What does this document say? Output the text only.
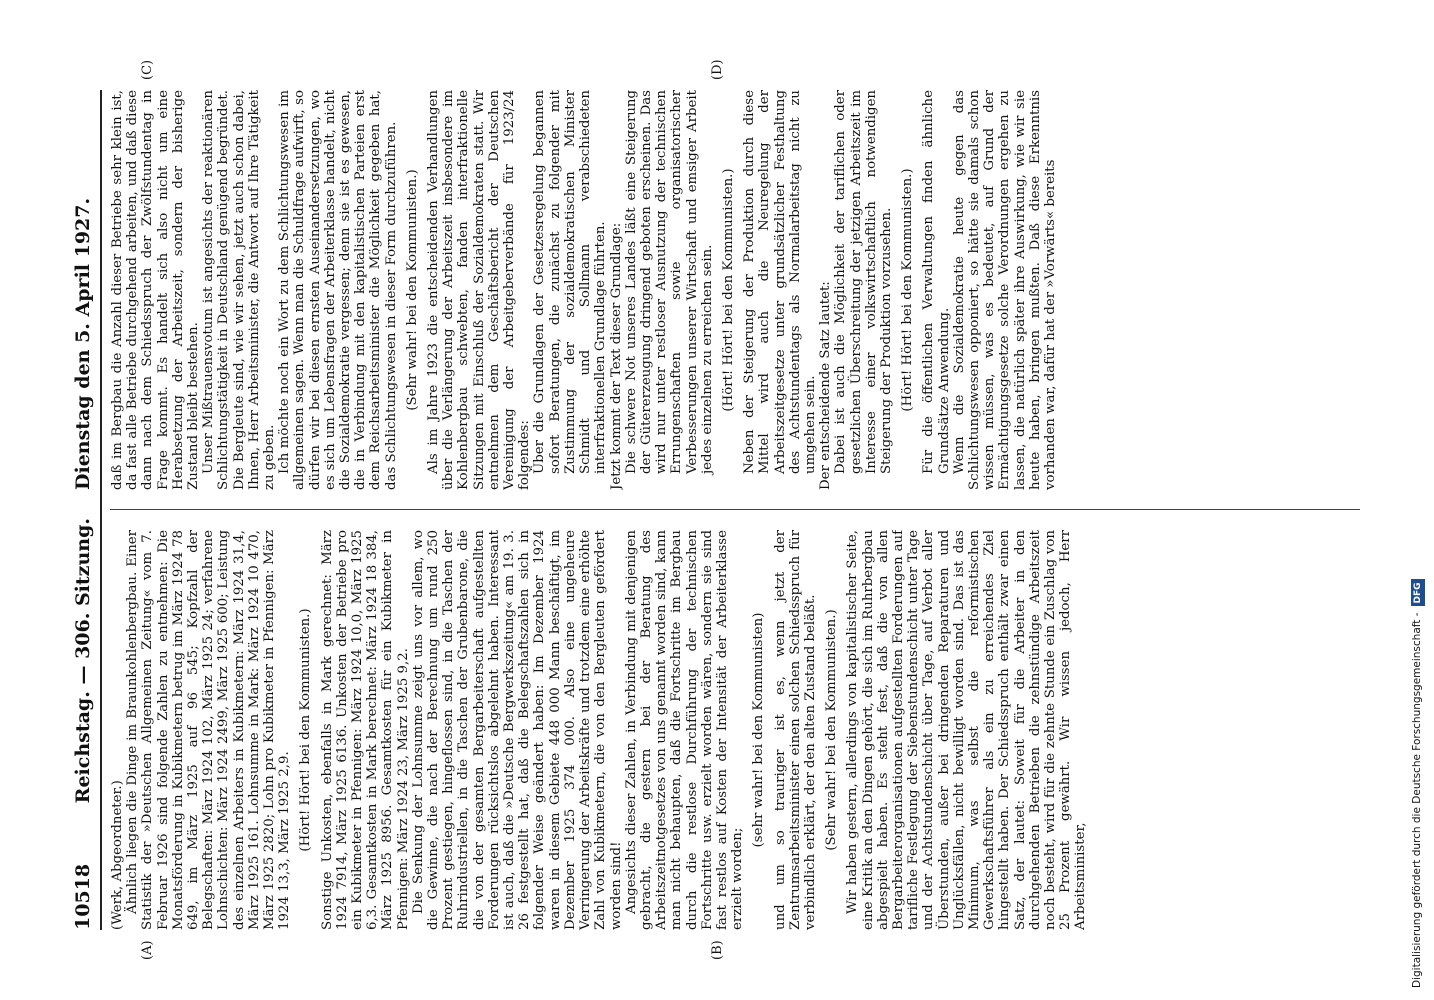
10518
Reichstag. — 306. Sitzung.
Dienstag den 5. April 1927.

(Werk, Abgeordneter.) Ähnlich liegen die Dinge im Braunkohlenbergbau. Einer Statistik der »Deutschen Allgemeinen Zeitung« vom 7. Februar 1926 sind folgende Zahlen zu entnehmen: Die Monatsförderung in Kubikmetern betrug im März 1924 78 649, im März 1925 auf 96 545; Kopfzahl der Belegschaften: März 1924 102, März 1925 24; verfahrene Lohnschichten: März 1924 2499, März 1925 600; Leistung des einzelnen Arbeiters in Kubikmetern: März 1924 31,4, März 1925 161. Lohnsumme in Mark: März 1924 10 470, März 1925 2820; Lohn pro Kubikmeter in Pfennigen: März 1924 13,3, März 1925 2,9. (Hört! Hört! bei den Kommunisten.) Sonstige Unkosten, ebenfalls in Mark gerechnet: März 1924 7914, März 1925 6136. Unkosten der Betriebe pro ein Kubikmeter in Pfennigen: März 1924 10,0, März 1925 6,3. Gesamtkosten in Mark berechnet: März 1924 18 384, März 1925 8956. Gesamtkosten für ein Kubikmeter in Pfennigen: März 1924 23, März 1925 9,2. Die Senkung der Lohnsumme zeigt uns vor allem, wo die Gewinne, die nach der Berechnung um rund 250 Prozent gestiegen, hingeflossen sind, in die Taschen der Ruhrindustriellen, in die Taschen der Grubenbarone, die die von der gesamten Bergarbeiterschaft aufgestellten Forderungen rücksichtslos abgelehnt haben. Interessant ist auch, daß die »Deutsche Bergwerkszeitung« am 19. 3. 26 festgestellt hat, daß die Belegschaftszahlen sich in folgender Weise geändert haben: Im Dezember 1924 waren in diesem Gebiete 448 000 Mann beschäftigt, im Dezember 1925 374 000. Also eine ungeheure Verringerung der Arbeitskräfte und trotzdem eine erhöhte Zahl von Kubikmetern, die von den Bergleuten gefördert worden sind! Angesichts dieser Zahlen, in Verbindung mit denjenigen gebracht, die gestern bei der Beratung des Arbeitszeitnotgesetzes von uns genannt worden sind, kann man nicht behaupten, daß die Fortschritte im Bergbau durch die restlose Durchführung der technischen Fortschritte usw. erzielt worden wären, sondern sie sind fast restlos auf Kosten der Intensität der Arbeiterklasse erzielt worden;

(sehr wahr! bei den Kommunisten) und um so trauriger ist es, wenn jetzt der Zentrumsarbeitsminister einen solchen Schiedsspruch für verbindlich erklärt, der den alten Zustand beläßt. (Sehr wahr! bei den Kommunisten.) Wir haben gestern, allerdings von kapitalistischer Seite, eine Kritik an den Dingen gehört, die sich im Ruhrbergbau abgespielt haben. Es steht fest, daß die von allen Bergarbeiterorganisationen aufgestellten Forderungen auf tarifliche Festlegung der Siebenstundenschicht unter Tage und der Achtstundenschicht über Tage, auf Verbot aller Überstunden, außer bei dringenden Reparaturen und Unglücksfällen, nicht bewilligt worden sind. Das ist das Minimum, was selbst die reformistischen Gewerkschaftsführer als ein zu erreichendes Ziel hingestellt haben. Der Schiedsspruch enthält zwar einen Satz, der lautet: Soweit für die Arbeiter in den durchgehenden Betrieben die zehnstündige Arbeitszeit noch besteht, wird für die zehnte Stunde ein Zuschlag von 25 Prozent gewährt. Wir wissen jedoch, Herr Arbeitsminister,

daß im Bergbau die Anzahl dieser Betriebe sehr klein ist, da fast alle Betriebe durchgehend arbeiten, und daß diese dann nach dem Schiedsspruch der Zwölfstundentag in Frage kommt. Es handelt sich also nicht um eine Herabsetzung der Arbeitszeit, sondern der bisherige Zustand bleibt bestehen. Unser Mißtrauensvotum ist angesichts der reaktionären Schlichtungstätigkeit in Deutschland genügend begründet. Die Bergleute sind, wie wir sehen, jetzt auch schon dabei, Ihnen, Herr Arbeitsminister, die Antwort auf Ihre Tätigkeit zu geben. Ich möchte noch ein Wort zu dem Schlichtungswesen im allgemeinen sagen. Wenn man die Schuldfrage aufwirft, so dürfen wir bei diesen ernsten Auseinandersetzungen, wo es sich um Lebensfragen der Arbeiterklasse handelt, nicht die Sozialdemokratie vergessen; denn sie ist es gewesen, die in Verbindung mit den kapitalistischen Parteien erst dem Reichsarbeitsminister die Möglichkeit gegeben hat, das Schlichtungswesen in dieser Form durchzuführen. (Sehr wahr! bei den Kommunisten.) Als im Jahre 1923 die entscheidenden Verhandlungen über die Verlängerung der Arbeitszeit insbesondere im Kohlenbergbau schwebten, fanden interfraktionelle Sitzungen mit Einschluß der Sozialdemokraten statt. Wir entnehmen dem Geschäftsbericht der Deutschen Vereinigung der Arbeitgeberverbände für 1923/24 folgendes: Über die Grundlagen der Gesetzesregelung begannen sofort Beratungen, die zunächst zu folgender mit Zustimmung der sozialdemokratischen Minister Schmidt und Sollmann verabschiedeten interfraktionellen Grundlage führten. Jetzt kommt der Text dieser Grundlage: Die schwere Not unseres Landes läßt eine Steigerung der Gütererzeugung dringend geboten erscheinen. Das wird nur unter restloser Ausnutzung der technischen Errungenschaften sowie organisatorischer Verbesserungen unserer Wirtschaft und emsiger Arbeit jedes einzelnen zu erreichen sein. (Hört! Hört! bei den Kommunisten.) Neben der Steigerung der Produktion durch diese Mittel wird auch die Neuregelung der Arbeitszeitgesetze unter grundsätzlicher Festhaltung des Achtstundentags als Normalarbeitstag nicht zu umgehen sein. Der entscheidende Satz lautet: Dabei ist auch die Möglichkeit der tariflichen oder gesetzlichen Überschreitung der jetzigen Arbeitszeit im Interesse einer volkswirtschaftlich notwendigen Steigerung der Produktion vorzusehen. (Hört! Hört! bei den Kommunisten.) Für die öffentlichen Verwaltungen finden ähnliche Grundsätze Anwendung. Wenn die Sozialdemokratie heute gegen das Schlichtungswesen opponiert, so hätte sie damals schon wissen müssen, was es bedeutet, auf Grund der Ermächtigungsgesetze solche Verordnungen ergehen zu lassen, die natürlich später ihre Auswirkung, wie wir sie heute haben, bringen mußten. Daß diese Erkenntnis vorhanden war, dafür hat der »Vorwärts« bereits

(A)	(B)
(C)	(D)
Digitalisierung gefördert durch die Deutsche Forschungsgemeinschaft -DFG
